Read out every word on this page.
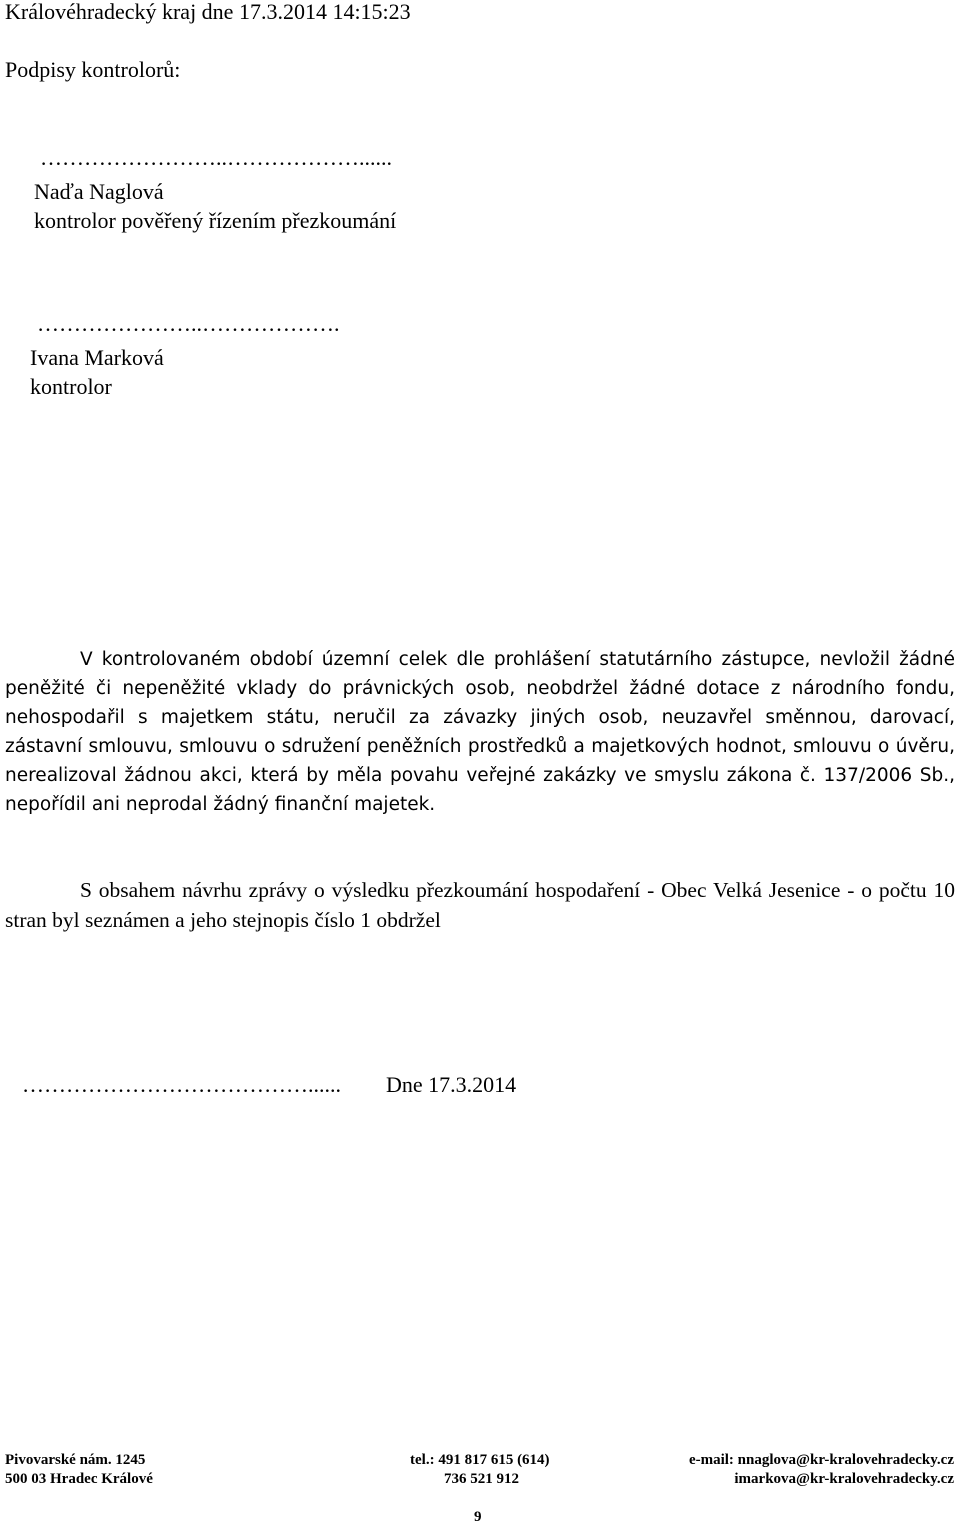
Královéhradecký kraj dne 17.3.2014 14:15:23
Podpisy kontrolorů:
……………………..………………......
Naďa Naglová
kontrolor pověřený řízením přezkoumání
…………………..……………….
Ivana Marková
kontrolor
V kontrolovaném období územní celek dle prohlášení statutárního zástupce, nevložil žádné peněžité či nepeněžité vklady do právnických osob, neobdržel žádné dotace z národního fondu, nehospodařil s majetkem státu, neručil za závazky jiných osob, neuzavřel směnnou, darovací, zástavní smlouvu, smlouvu o sdružení peněžních prostředků a majetkových hodnot, smlouvu o úvěru, nerealizoval žádnou akci, která by měla povahu veřejné zakázky ve smyslu zákona č. 137/2006 Sb., nepořídil ani neprodal žádný finanční majetek.
S obsahem návrhu zprávy o výsledku přezkoumání hospodaření - Obec Velká Jesenice - o počtu 10 stran byl seznámen a jeho stejnopis číslo 1 obdržel
…………………………………...... Dne 17.3.2014
Pivovarské nám. 1245
500 03 Hradec Králové
tel.: 491 817 615 (614)
736 521 912
e-mail: nnaglova@kr-kralovehradecky.cz
imarkova@kr-kralovehradecky.cz
9
